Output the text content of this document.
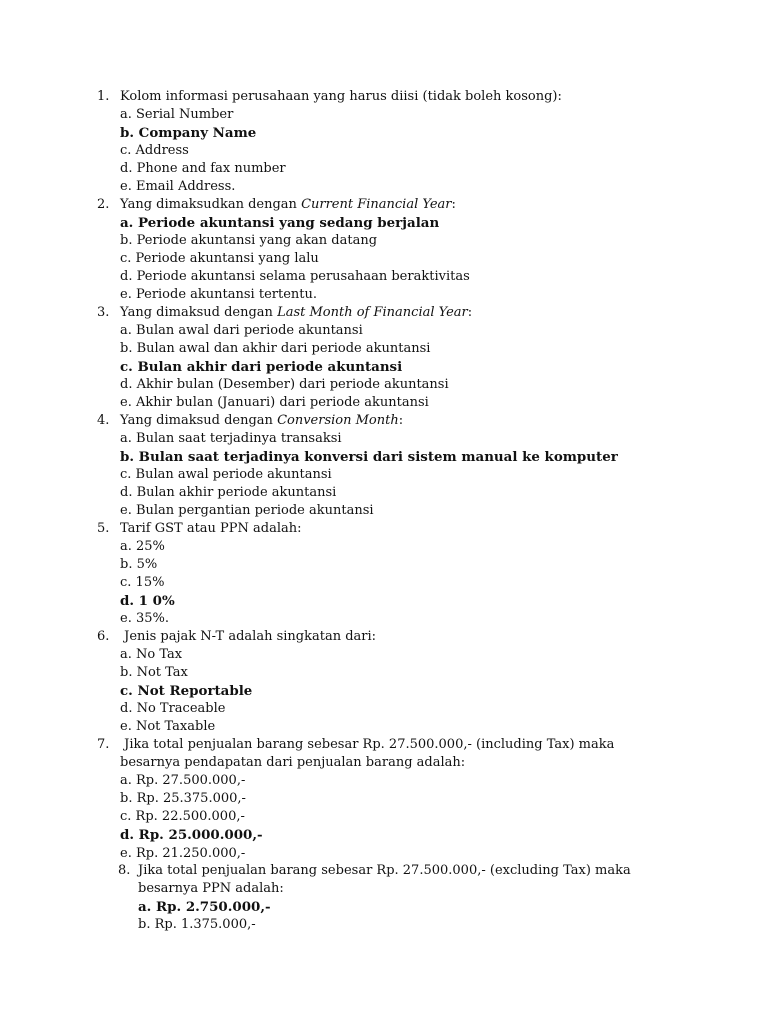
1. Kolom informasi perusahaan yang harus diisi (tidak boleh kosong):
a. Serial Number
b. Company Name
c. Address
d. Phone and fax number
e. Email Address.
2. Yang dimaksudkan dengan Current Financial Year:
a. Periode akuntansi yang sedang berjalan
b. Periode akuntansi yang akan datang
c. Periode akuntansi yang lalu
d. Periode akuntansi selama perusahaan beraktivitas
e. Periode akuntansi tertentu.
3. Yang dimaksud dengan Last Month of Financial Year:
a. Bulan awal dari periode akuntansi
b. Bulan awal dan akhir dari periode akuntansi
c. Bulan akhir dari periode akuntansi
d. Akhir bulan (Desember) dari periode akuntansi
e. Akhir bulan (Januari) dari periode akuntansi
4. Yang dimaksud dengan Conversion Month:
a. Bulan saat terjadinya transaksi
b. Bulan saat terjadinya konversi dari sistem manual ke komputer
c. Bulan awal periode akuntansi
d. Bulan akhir periode akuntansi
e. Bulan pergantian periode akuntansi
5. Tarif GST atau PPN adalah:
a. 25%
b. 5%
c. 15%
d. 1 0%
e. 35%.
6. Jenis pajak N-T adalah singkatan dari:
a. No Tax
b. Not Tax
c. Not Reportable
d. No Traceable
e. Not Taxable
7. Jika total penjualan barang sebesar Rp. 27.500.000,- (including Tax) maka
besarnya pendapatan dari penjualan barang adalah:
a. Rp. 27.500.000,-
b. Rp. 25.375.000,-
c. Rp. 22.500.000,-
d. Rp. 25.000.000,-
e. Rp. 21.250.000,-
8. Jika total penjualan barang sebesar Rp. 27.500.000,- (excluding Tax) maka
besarnya PPN adalah:
a. Rp. 2.750.000,-
b. Rp. 1.375.000,-
